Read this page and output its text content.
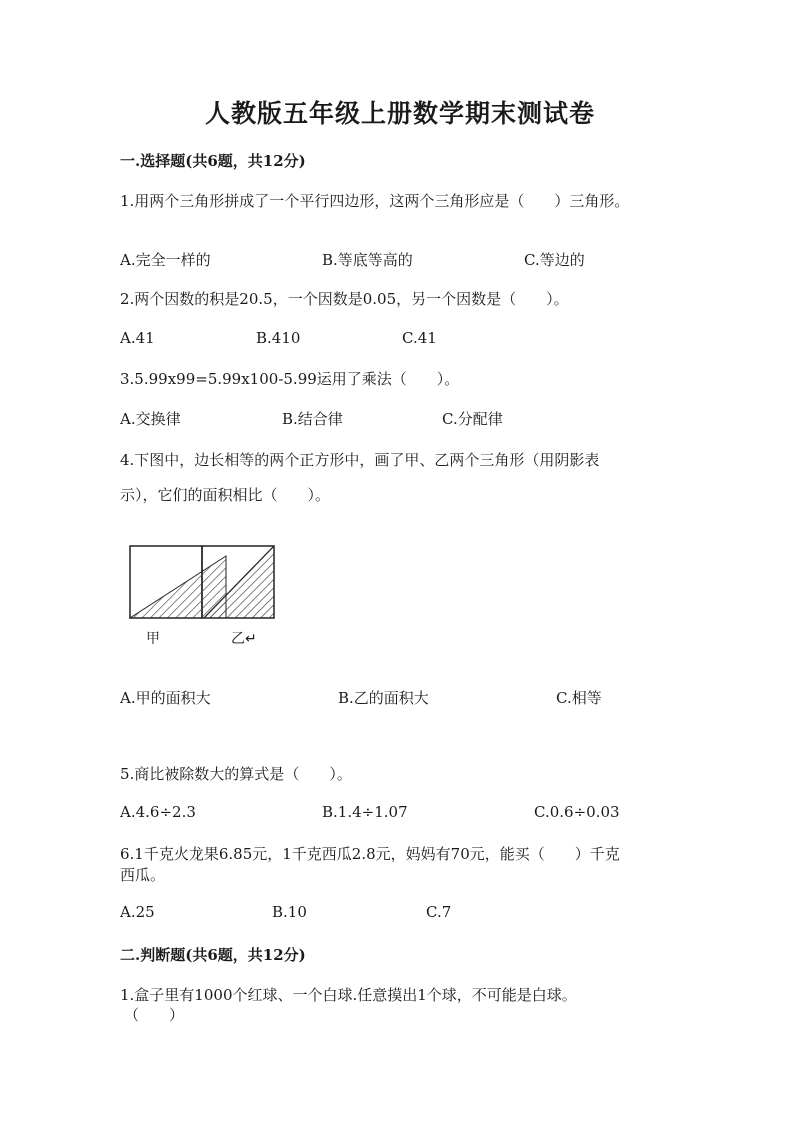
人教版五年级上册数学期末测试卷
一.选择题(共6题，共12分)
1.用两个三角形拼成了一个平行四边形，这两个三角形应是（　　）三角形。
A.完全一样的	B.等底等高的	C.等边的
2.两个因数的积是20.5，一个因数是0.05，另一个因数是（　　）。
A.41	B.410	C.41
3.5.99x99=5.99x100-5.99运用了乘法（　　）。
A.交换律	B.结合律	C.分配律
4.下图中，边长相等的两个正方形中，画了甲、乙两个三角形（用阴影表
示），它们的面积相比（　　）。
甲	乙↵
A.甲的面积大	B.乙的面积大	C.相等
5.商比被除数大的算式是（　　）。
A.4.6÷2.3	B.1.4÷1.07	C.0.6÷0.03
6.1千克火龙果6.85元，1千克西瓜2.8元，妈妈有70元，能买（　　）千克
西瓜。
A.25	B.10	C.7
二.判断题(共6题，共12分)
1.盒子里有1000个红球、一个白球.任意摸出1个球，不可能是白球。
（　　）
